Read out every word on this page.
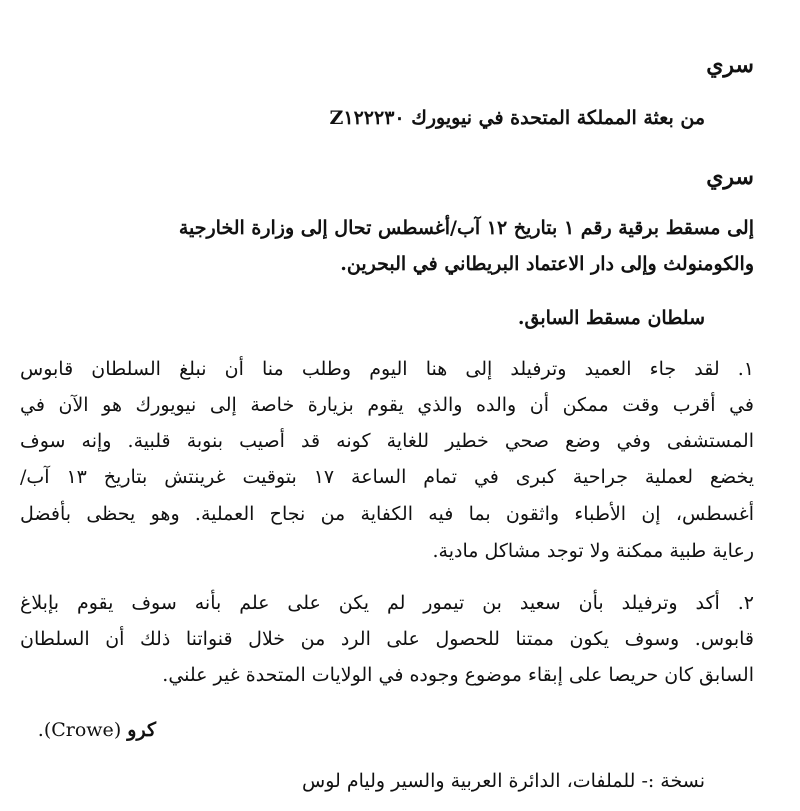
سري
من بعثة المملكة المتحدة في نيويورك Z١٢٢٢٣٠
سري
إلى مسقط برقية رقم ١ بتاريخ ١٢ آب/أغسطس تحال إلى وزارة الخارجية
والكومنولث وإلى دار الاعتماد البريطاني في البحرين.
سلطان مسقط السابق.
١. لقد جاء العميد وترفيلد إلى هنا اليوم وطلب منا أن نبلغ السلطان قابوس
في أقرب وقت ممكن أن والده والذي يقوم بزيارة خاصة إلى نيويورك هو الآن في
المستشفى وفي وضع صحي خطير للغاية كونه قد أصيب بنوبة قلبية. وإنه سوف
يخضع لعملية جراحية كبرى في تمام الساعة ١٧ بتوقيت غرينتش بتاريخ ١٣ آب/
أغسطس، إن الأطباء واثقون بما فيه الكفاية من نجاح العملية. وهو يحظى بأفضل
رعاية طبية ممكنة ولا توجد مشاكل مادية.
٢. أكد وترفيلد بأن سعيد بن تيمور لم يكن على علم بأنه سوف يقوم بإبلاغ
قابوس. وسوف يكون ممتنا للحصول على الرد من خلال قنواتنا ذلك أن السلطان
السابق كان حريصا على إبقاء موضوع وجوده في الولايات المتحدة غير علني.
كرو (Crowe).
نسخة :- للملفات، الدائرة العربية والسير وليام لوس
